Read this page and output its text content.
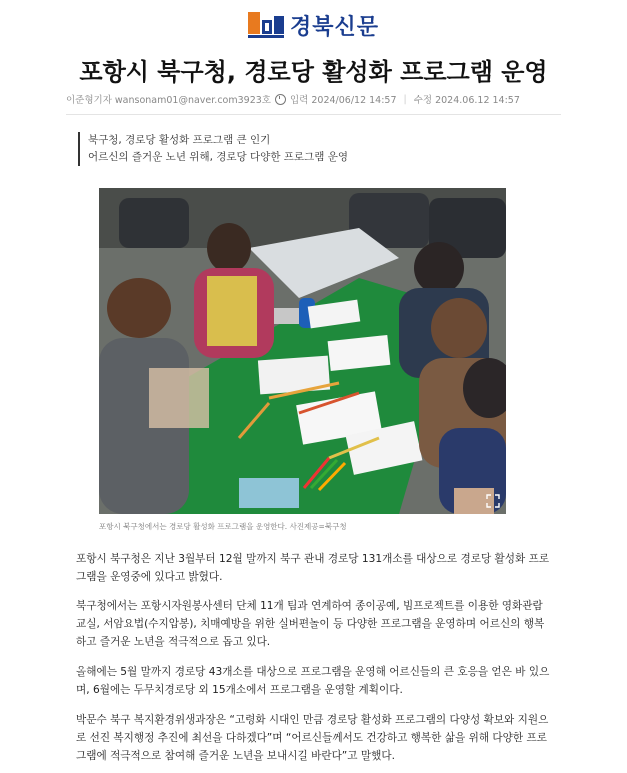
경북신문
포항시 북구청, 경로당 활성화 프로그램 운영
이준형기자 wansonam01@naver.com3923호 입력 2024/06/12 14:57 | 수정 2024.06.12 14:57
북구청, 경로당 활성화 프로그램 큰 인기
어르신의 즐거운 노년 위해, 경로당 다양한 프로그램 운영
포항시 북구청에서는 경로당 활성화 프로그램을 운영한다. 사진제공=북구청

포항시 북구청은 지난 3월부터 12월 말까지 북구 관내 경로당 131개소를 대상으로 경로당 활성화 프로그램을 운영중에 있다고 밝혔다.

북구청에서는 포항시자원봉사센터 단체 11개 팀과 연계하여 종이공예, 빔프로젝트를 이용한 영화관람교실, 서암요법(수지압봉), 치매예방을 위한 실버편놀이 등 다양한 프로그램을 운영하며 어르신의 행복하고 즐거운 노년을 적극적으로 돕고 있다.

올해에는 5월 말까지 경로당 43개소를 대상으로 프로그램을 운영해 어르신들의 큰 호응을 얻은 바 있으며, 6월에는 두무치경로당 외 15개소에서 프로그램을 운영할 계획이다.

박문수 북구 복지환경위생과장은 “고령화 시대인 만큼 경로당 활성화 프로그램의 다양성 확보와 지원으로 선진 복지행정 추진에 최선을 다하겠다”며 “어르신들께서도 건강하고 행복한 삶을 위해 다양한 프로그램에 적극적으로 참여해 즐거운 노년을 보내시길 바란다”고 말했다.
